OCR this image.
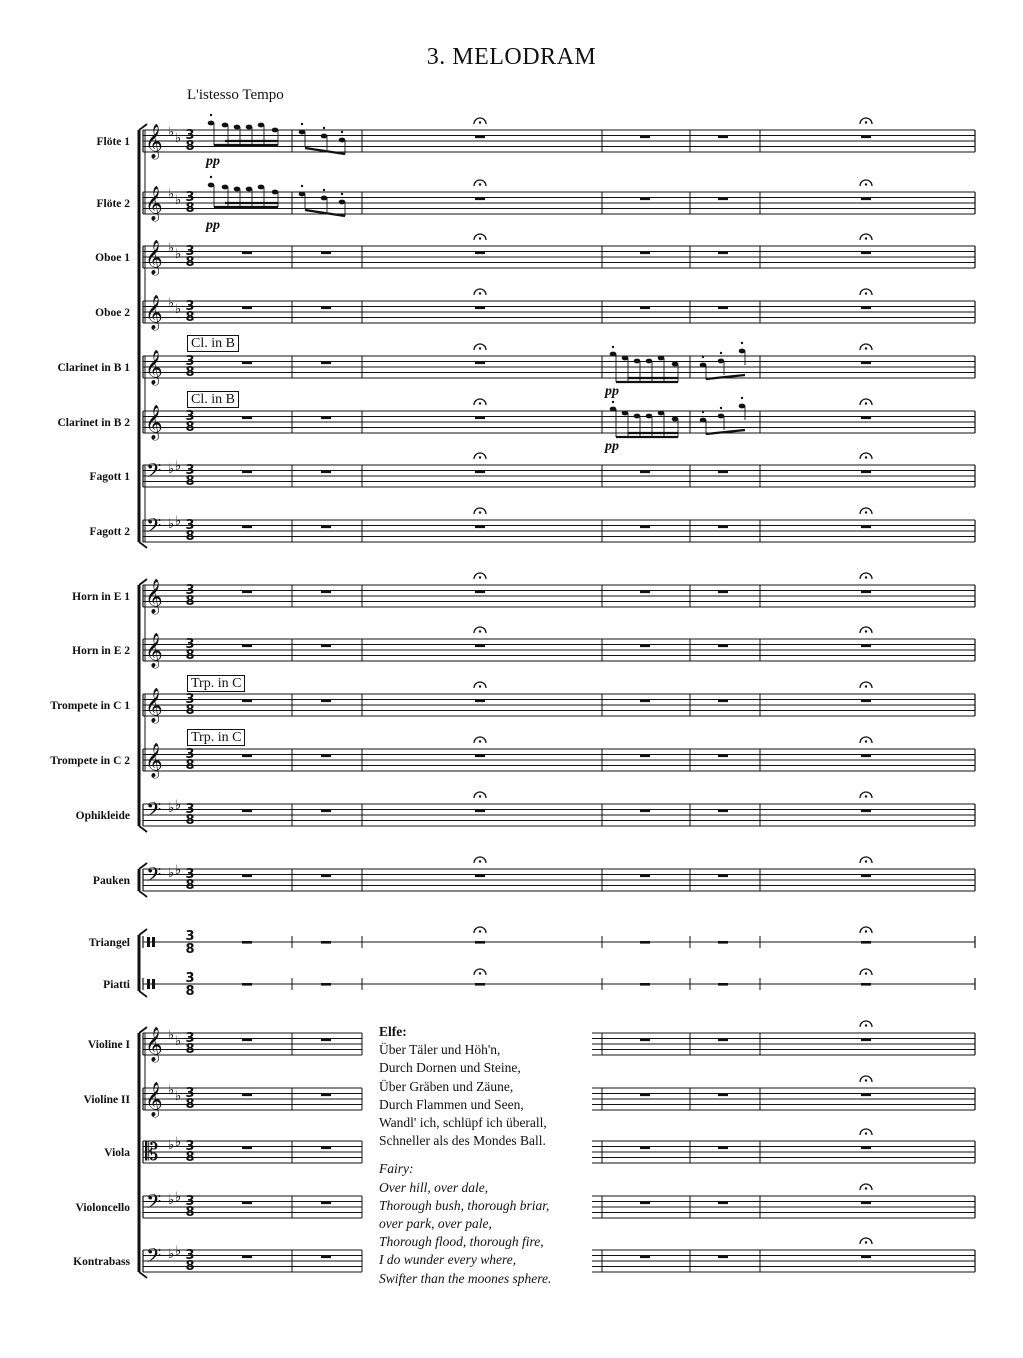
3. MELODRAM
L'istesso Tempo
Flöte 1 𝄞 ♭ ♭ 3
8
Flöte 2 𝄞 ♭ ♭ 3
8
Oboe 1 𝄞 ♭ ♭ 3
8
Oboe 2 𝄞 ♭ ♭ 3
8
Clarinet in B 1 𝄞 3
8
Clarinet in B 2 𝄞 3
8
Fagott 1 𝄢 ♭ ♭ 3
8
Fagott 2 𝄢 ♭ ♭ 3
8
Horn in E 1 𝄞 3
8
Horn in E 2 𝄞 3
8
Trompete in C 1 𝄞 3
8
Trompete in C 2 𝄞 3
8
Ophikleide 𝄢 ♭ ♭ 3
8
Pauken 𝄢 ♭ ♭ 3
8
Triangel	3
8
Piatti	3
8
Violine I 𝄞 ♭ ♭ 3
8
Violine II 𝄞 ♭ ♭ 3
8
Viola 𝄡 ♭ ♭ 3
8
Violoncello 𝄢 ♭ ♭ 3
8
Kontrabass 𝄢 ♭ ♭ 3
8
Cl. in B
Cl. in B
Trp. in C
Trp. in C
pp
pp
pp
pp
Elfe:
Über Täler und Höh'n,
Durch Dornen und Steine,
Über Gräben und Zäune,
Durch Flammen und Seen,
Wandl' ich, schlüpf ich überall,
Schneller als des Mondes Ball.
Fairy:
Over hill, over dale,
Thorough bush, thorough briar,
over park, over pale,
Thorough flood, thorough fire,
I do wunder every where,
Swifter than the moones sphere.
